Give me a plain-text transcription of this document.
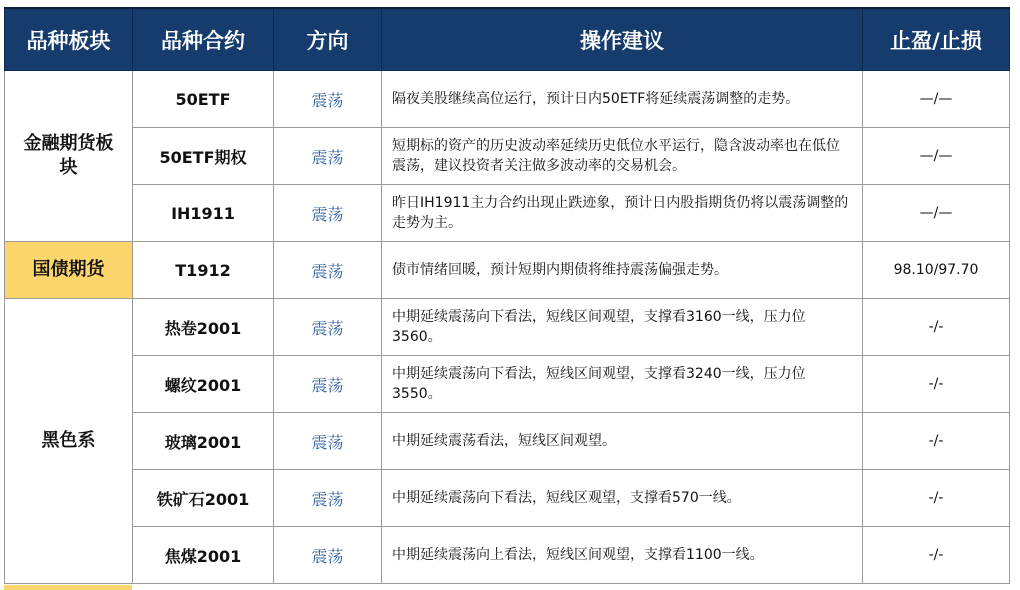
品种板块	品种合约	方向	操作建议	止盈/止损
金融期货板块	50ETF	震荡	隔夜美股继续高位运行，预计日内50ETF将延续震荡调整的走势。	—/—
	50ETF期权	震荡	短期标的资产的历史波动率延续历史低位水平运行，隐含波动率也在低位震荡，建议投资者关注做多波动率的交易机会。	—/—
	IH1911	震荡	昨日IH1911主力合约出现止跌迹象，预计日内股指期货仍将以震荡调整的走势为主。	—/—
国债期货	T1912	震荡	债市情绪回暖，预计短期内期债将维持震荡偏强走势。	98.10/97.70
黑色系	热卷2001	震荡	中期延续震荡向下看法，短线区间观望，支撑看3160一线，压力位3560。	-/-
	螺纹2001	震荡	中期延续震荡向下看法，短线区间观望，支撑看3240一线，压力位3550。	-/-
	玻璃2001	震荡	中期延续震荡看法，短线区间观望。	-/-
	铁矿石2001	震荡	中期延续震荡向下看法，短线区观望，支撑看570一线。	-/-
	焦煤2001	震荡	中期延续震荡向上看法，短线区间观望，支撑看1100一线。	-/-
